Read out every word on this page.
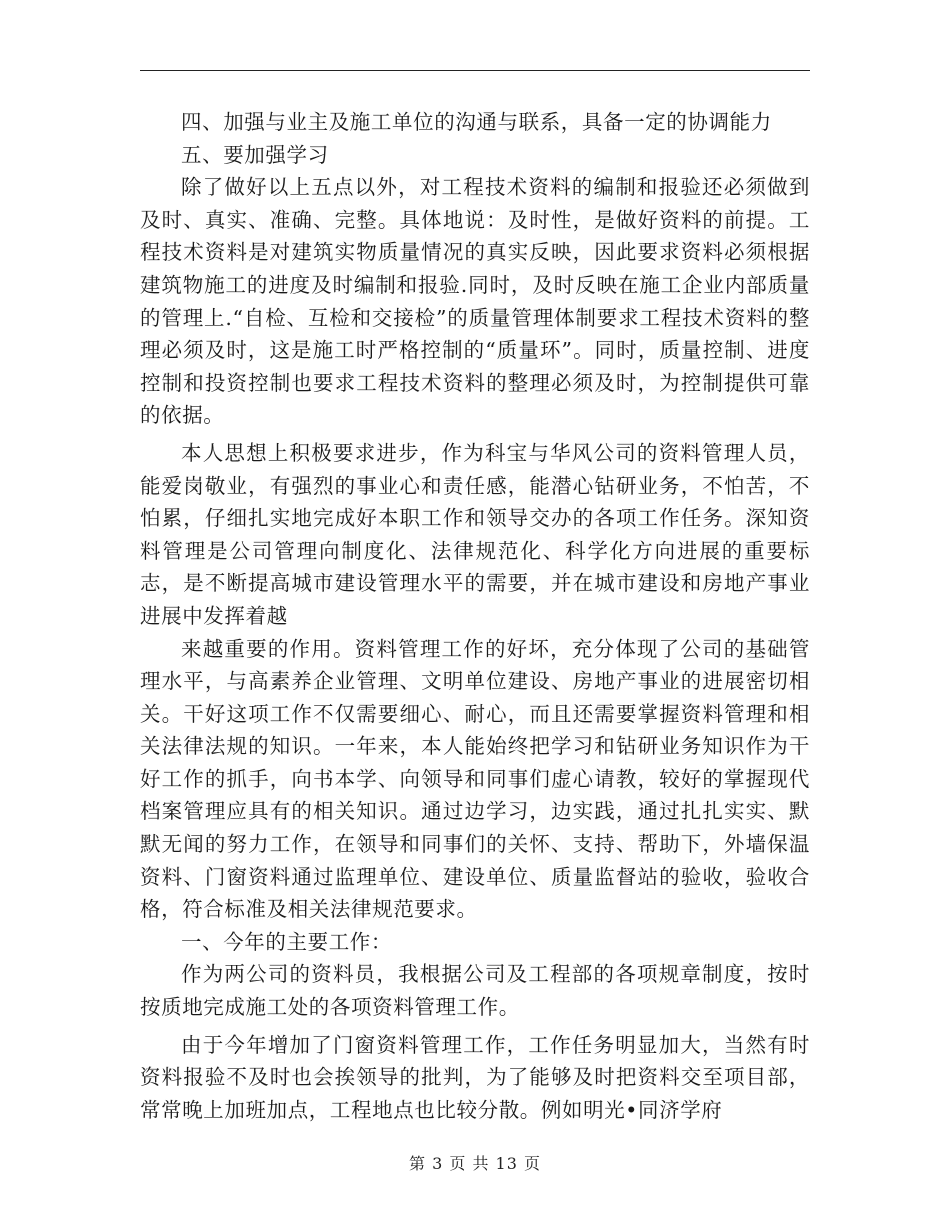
四、加强与业主及施工单位的沟通与联系，具备一定的协调能力

五、要加强学习

除了做好以上五点以外，对工程技术资料的编制和报验还必须做到及时、真实、准确、完整。具体地说：及时性，是做好资料的前提。工程技术资料是对建筑实物质量情况的真实反映，因此要求资料必须根据建筑物施工的进度及时编制和报验.同时，及时反映在施工企业内部质量的管理上.“自检、互检和交接检”的质量管理体制要求工程技术资料的整理必须及时，这是施工时严格控制的“质量环”。同时，质量控制、进度控制和投资控制也要求工程技术资料的整理必须及时，为控制提供可靠的依据。

本人思想上积极要求进步，作为科宝与华风公司的资料管理人员，能爱岗敬业，有强烈的事业心和责任感，能潜心钻研业务，不怕苦，不怕累，仔细扎实地完成好本职工作和领导交办的各项工作任务。深知资料管理是公司管理向制度化、法律规范化、科学化方向进展的重要标志，是不断提高城市建设管理水平的需要，并在城市建设和房地产事业进展中发挥着越

来越重要的作用。资料管理工作的好坏，充分体现了公司的基础管理水平，与高素养企业管理、文明单位建设、房地产事业的进展密切相关。干好这项工作不仅需要细心、耐心，而且还需要掌握资料管理和相关法律法规的知识。一年来，本人能始终把学习和钻研业务知识作为干好工作的抓手，向书本学、向领导和同事们虚心请教，较好的掌握现代档案管理应具有的相关知识。通过边学习，边实践，通过扎扎实实、默默无闻的努力工作，在领导和同事们的关怀、支持、帮助下，外墙保温资料、门窗资料通过监理单位、建设单位、质量监督站的验收，验收合格，符合标准及相关法律规范要求。

一、今年的主要工作：

作为两公司的资料员，我根据公司及工程部的各项规章制度，按时按质地完成施工处的各项资料管理工作。

由于今年增加了门窗资料管理工作，工作任务明显加大，当然有时资料报验不及时也会挨领导的批判，为了能够及时把资料交至项目部，常常晚上加班加点，工程地点也比较分散。例如明光•同济学府

第 3 页 共 13 页
